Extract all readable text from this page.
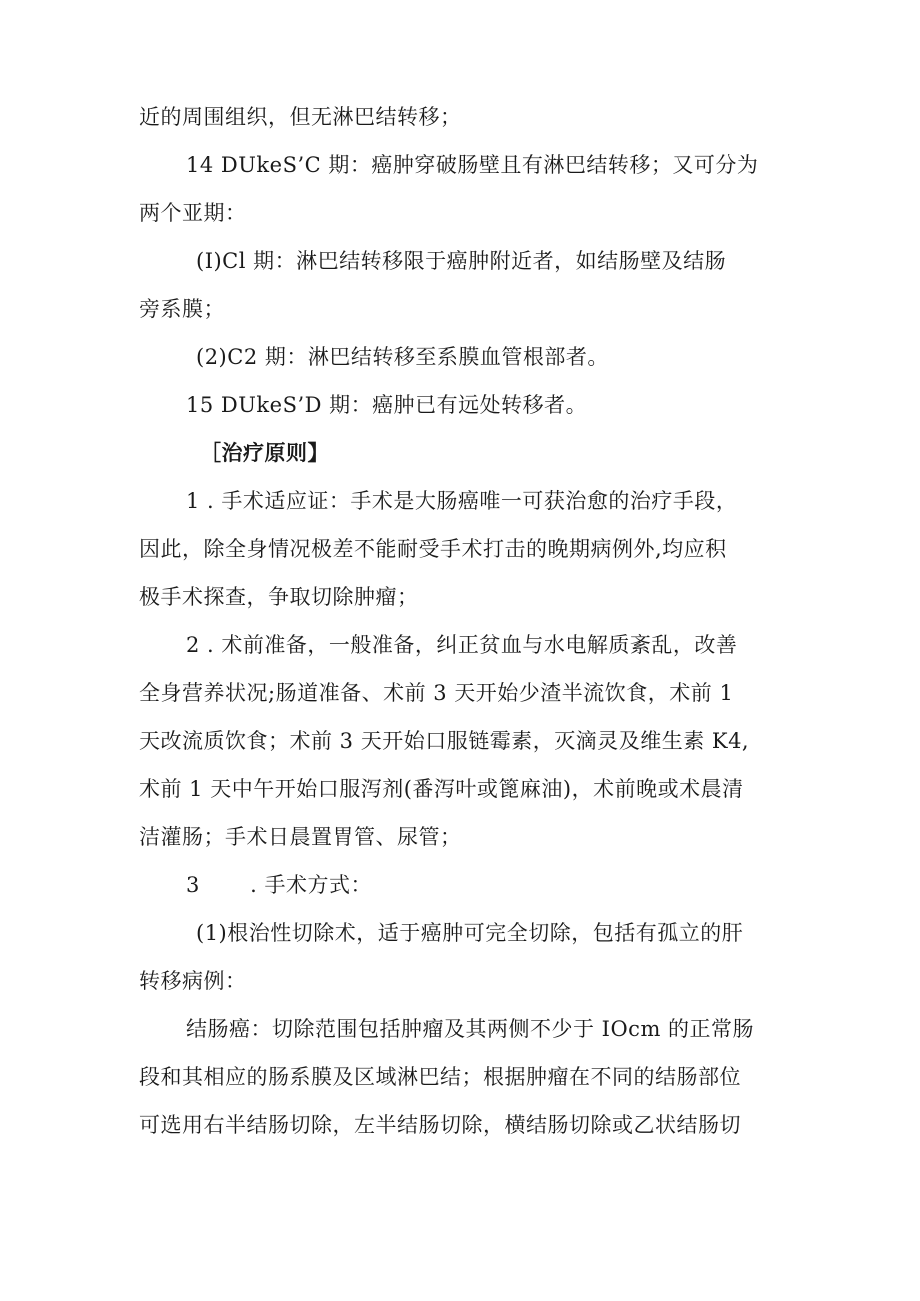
近的周围组织，但无淋巴结转移；
14 DUkeS’C 期：癌肿穿破肠壁且有淋巴结转移；又可分为
两个亚期：
(I)Cl 期：淋巴结转移限于癌肿附近者，如结肠壁及结肠
旁系膜；
(2)C2 期：淋巴结转移至系膜血管根部者。
15 DUkeS’D 期：癌肿已有远处转移者。
［治疗原则】
1 . 手术适应证：手术是大肠癌唯一可获治愈的治疗手段，
因此，除全身情况极差不能耐受手术打击的晚期病例外,均应积
极手术探查，争取切除肿瘤；
2 . 术前准备，一般准备，纠正贫血与水电解质紊乱，改善
全身营养状况;肠道准备、术前 3 天开始少渣半流饮食，术前 1
天改流质饮食；术前 3 天开始口服链霉素，灭滴灵及维生素 K4,
术前 1 天中午开始口服泻剂(番泻叶或篦麻油)，术前晚或术晨清
洁灌肠；手术日晨置胃管、尿管；
3       . 手术方式：
(1)根治性切除术，适于癌肿可完全切除，包括有孤立的肝
转移病例：
结肠癌：切除范围包括肿瘤及其两侧不少于 IOcm 的正常肠
段和其相应的肠系膜及区域淋巴结；根据肿瘤在不同的结肠部位
可选用右半结肠切除，左半结肠切除，横结肠切除或乙状结肠切
